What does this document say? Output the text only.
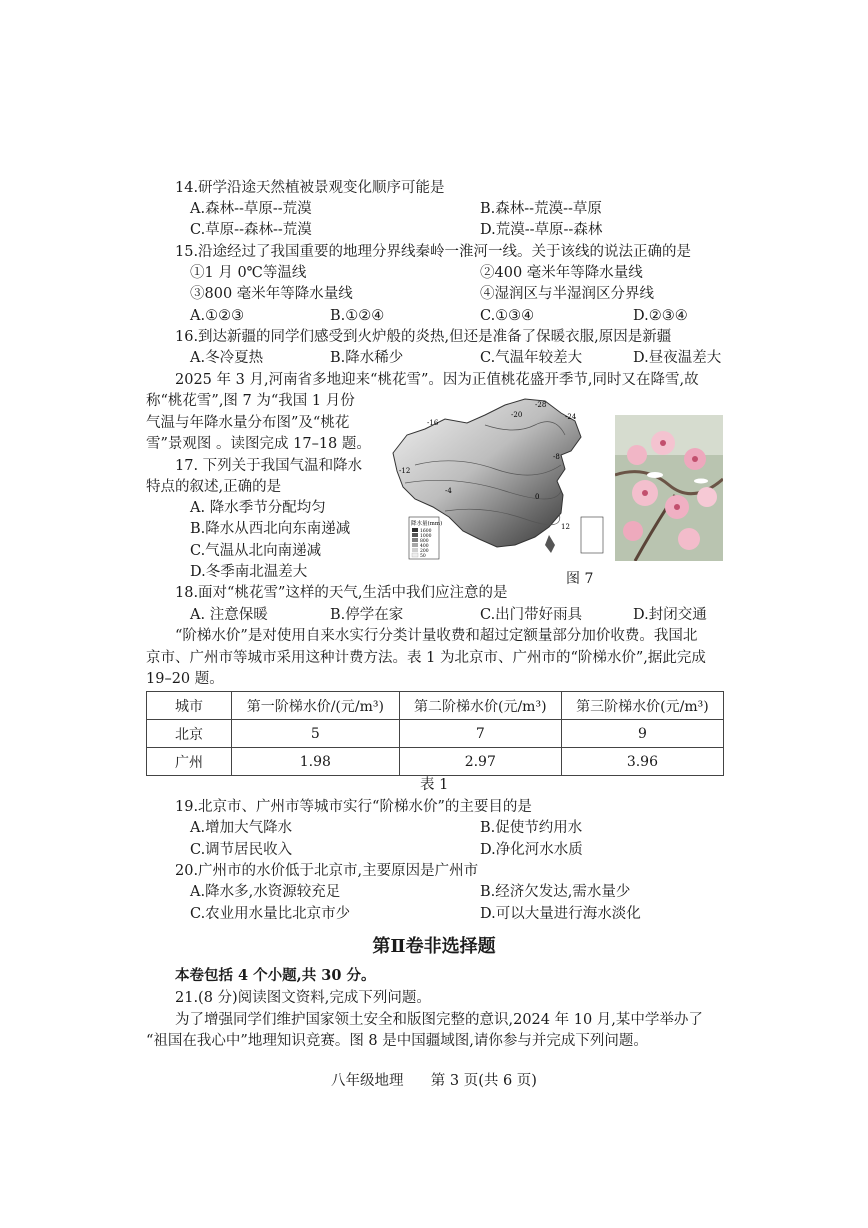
14.研学沿途天然植被景观变化顺序可能是
A.森林--草原--荒漠	B.森林--荒漠--草原
C.草原--森林--荒漠	D.荒漠--草原--森林
15.沿途经过了我国重要的地理分界线秦岭一淮河一线。关于该线的说法正确的是
①1 月 0℃等温线	②400 毫米年等降水量线
③800 毫米年等降水量线	④湿润区与半湿润区分界线
A.①②③	B.①②④	C.①③④	D.②③④
16.到达新疆的同学们感受到火炉般的炎热,但还是准备了保暖衣服,原因是新疆
A.冬冷夏热	B.降水稀少	C.气温年较差大	D.昼夜温差大
2025 年 3 月,河南省多地迎来“桃花雪”。因为正值桃花盛开季节,同时又在降雪,故
称“桃花雪”,图 7 为“我国 1 月份
气温与年降水量分布图”及“桃花
雪”景观图 。读图完成 17–18 题。
17. 下列关于我国气温和降水
特点的叙述,正确的是
A. 降水季节分配均匀
B.降水从西北向东南递减
C.气温从北向南递减
D.冬季南北温差大
-16
-28
-24
-20
-12
-8
-4
0
12
降水量(mm)
1600
1000
800
400
200
50
图 7
18.面对“桃花雪”这样的天气,生活中我们应注意的是
A. 注意保暖	B.停学在家	C.出门带好雨具	D.封闭交通
“阶梯水价”是对使用自来水实行分类计量收费和超过定额量部分加价收费。我国北
京市、广州市等城市采用这种计费方法。表 1 为北京市、广州市的“阶梯水价”,据此完成
19–20 题。
城市	第一阶梯水价/(元/m³)	第二阶梯水价(元/m³)	第三阶梯水价(元/m³)
北京	5	7	9
广州	1.98	2.97	3.96
表 1
19.北京市、广州市等城市实行“阶梯水价”的主要目的是
A.增加大气降水	B.促使节约用水
C.调节居民收入	D.净化河水水质
20.广州市的水价低于北京市,主要原因是广州市
A.降水多,水资源较充足	B.经济欠发达,需水量少
C.农业用水量比北京市少	D.可以大量进行海水淡化
第Ⅱ卷非选择题
本卷包括 4 个小题,共 30 分。
21.(8 分)阅读图文资料,完成下列问题。
为了增强同学们维护国家领土安全和版图完整的意识,2024 年 10 月,某中学举办了
“祖国在我心中”地理知识竞赛。图 8 是中国疆域图,请你参与并完成下列问题。
八年级地理 第 3 页(共 6 页)
